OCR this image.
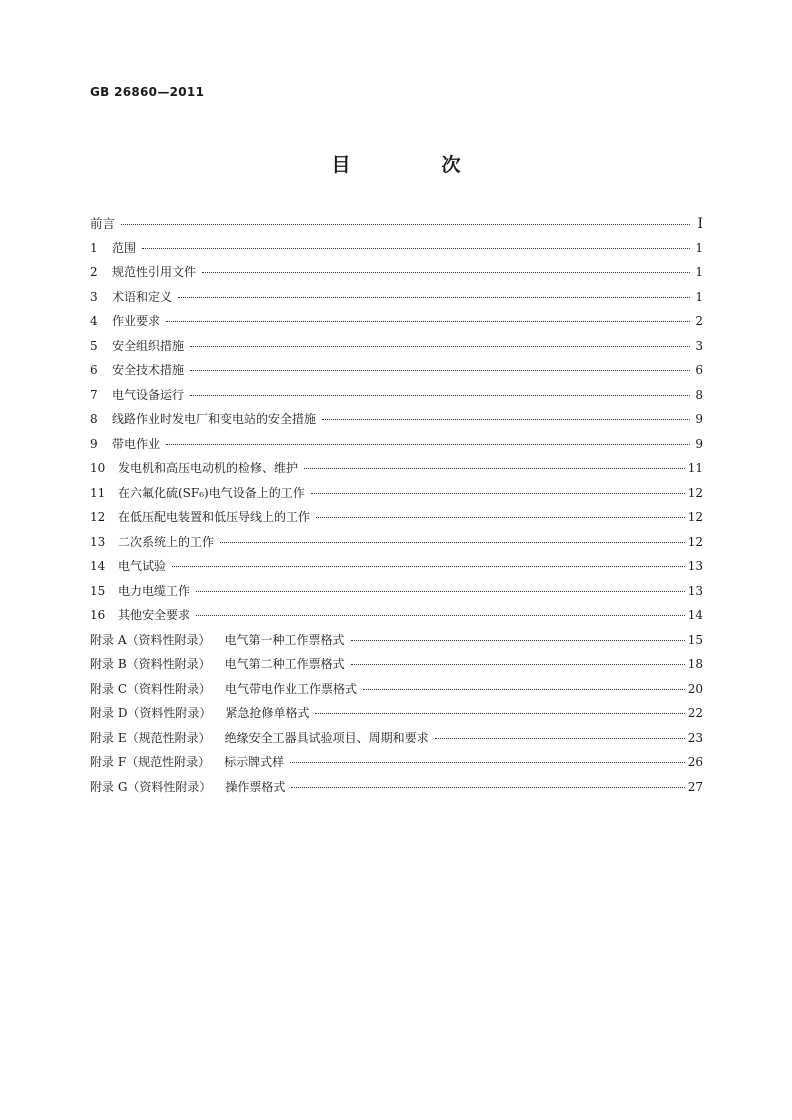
GB 26860—2011
目　次
前言	Ⅰ
1	范围	1
2	规范性引用文件	1
3	术语和定义	1
4	作业要求	2
5	安全组织措施	3
6	安全技术措施	6
7	电气设备运行	8
8	线路作业时发电厂和变电站的安全措施	9
9	带电作业	9
10	发电机和高压电动机的检修、维护	11
11	在六氟化硫(SF₆)电气设备上的工作	12
12	在低压配电装置和低压导线上的工作	12
13	二次系统上的工作	12
14	电气试验	13
15	电力电缆工作	13
16	其他安全要求	14
附录 A（资料性附录） 电气第一种工作票格式	15
附录 B（资料性附录） 电气第二种工作票格式	18
附录 C（资料性附录） 电气带电作业工作票格式	20
附录 D（资料性附录） 紧急抢修单格式	22
附录 E（规范性附录） 绝缘安全工器具试验项目、周期和要求	23
附录 F（规范性附录） 标示牌式样	26
附录 G（资料性附录） 操作票格式	27
